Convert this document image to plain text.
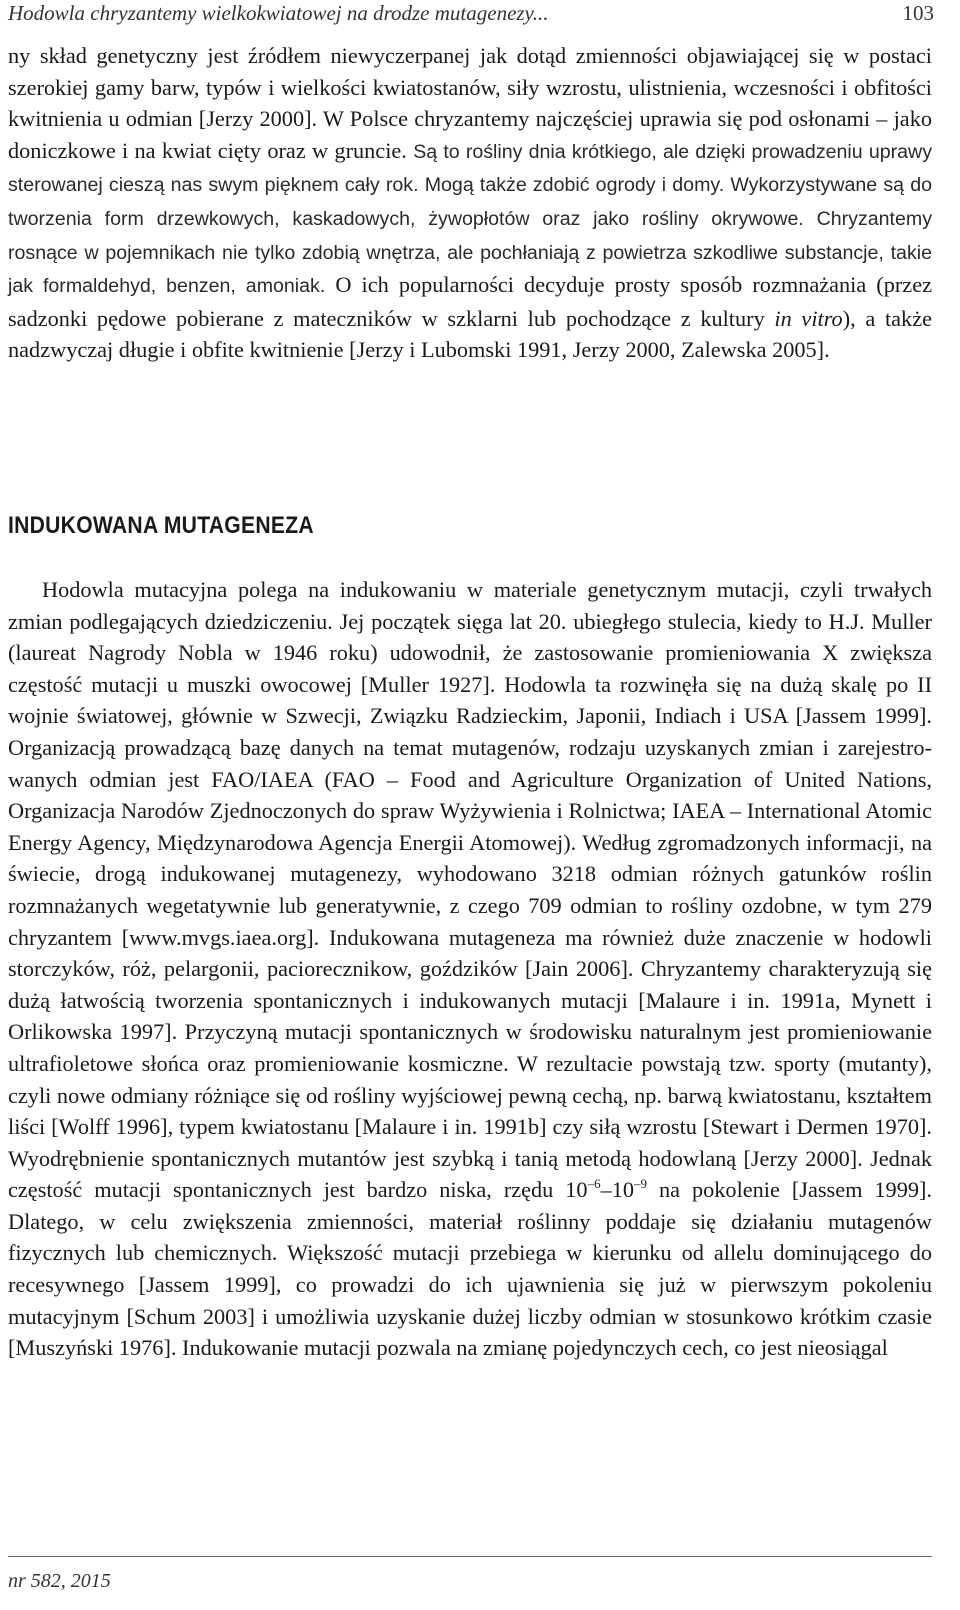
Hodowla chryzantemy wielkokwiatowej na drodze mutagenezy...	103

ny skład genetyczny jest źródłem niewyczerpanej jak dotąd zmienności objawiającej się w postaci szerokiej gamy barw, typów i wielkości kwiatostanów, siły wzrostu, ulistnienia, wczesności i obfitości kwitnienia u odmian [Jerzy 2000]. W Polsce chryzantemy najczęściej uprawia się pod osłonami – jako doniczkowe i na kwiat cięty oraz w gruncie. Są to rośliny dnia krótkiego, ale dzięki prowadzeniu uprawy sterowanej cieszą nas swym pięknem cały rok. Mogą także zdobić ogrody i domy. Wykorzystywane są do tworzenia form drzewkowych, kaskadowych, żywopłotów oraz jako rośliny okrywowe. Chryzantemy rosnące w pojemnikach nie tylko zdobią wnętrza, ale pochłaniają z powietrza szkodliwe substancje, takie jak formaldehyd, benzen, amoniak. O ich popularności decyduje prosty sposób rozmnażania (przez sadzonki pędowe pobierane z mateczników w szklarni lub pochodzące z kultury in vitro), a także nadzwyczaj długie i obfite kwitnienie [Jerzy i Lubomski 1991, Jerzy 2000, Zalewska 2005].

INDUKOWANA MUTAGENEZA

Hodowla mutacyjna polega na indukowaniu w materiale genetycznym mutacji, czyli trwałych zmian podlegających dziedziczeniu. Jej początek sięga lat 20. ubiegłego stulecia, kiedy to H.J. Muller (laureat Nagrody Nobla w 1946 roku) udowodnił, że zastosowanie promieniowania X zwiększa częstość mutacji u muszki owocowej [Muller 1927]. Hodowla ta rozwinęła się na dużą skalę po II wojnie światowej, głównie w Szwecji, Związku Radzieckim, Japonii, Indiach i USA [Jassem 1999]. Organizacją prowadzącą bazę danych na temat mutagenów, rodzaju uzyskanych zmian i zarejestrowanych odmian jest FAO/IAEA (FAO – Food and Agriculture Organization of United Nations, Organizacja Narodów Zjednoczonych do spraw Wyżywienia i Rolnictwa; IAEA – International Atomic Energy Agency, Międzynarodowa Agencja Energii Atomowej). Według zgromadzonych informacji, na świecie, drogą indukowanej mutagenezy, wyhodowano 3218 odmian różnych gatunków roślin rozmnażanych wegetatywnie lub generatywnie, z czego 709 odmian to rośliny ozdobne, w tym 279 chryzantem [www.mvgs.iaea.org]. Indukowana mutageneza ma również duże znaczenie w hodowli storczyków, róż, pelargonii, paciorecznikow, goździków [Jain 2006]. Chryzantemy charakteryzują się dużą łatwością tworzenia spontanicznych i indukowanych mutacji [Malaure i in. 1991a, Mynett i Orlikowska 1997]. Przyczyną mutacji spontanicznych w środowisku naturalnym jest promieniowanie ultrafioletowe słońca oraz promieniowanie kosmiczne. W rezultacie powstają tzw. sporty (mutanty), czyli nowe odmiany różniące się od rośliny wyjściowej pewną cechą, np. barwą kwiatostanu, kształtem liści [Wolff 1996], typem kwiatostanu [Malaure i in. 1991b] czy siłą wzrostu [Stewart i Dermen 1970]. Wyodrębnienie spontanicznych mutantów jest szybką i tanią metodą hodowlaną [Jerzy 2000]. Jednak częstość mutacji spontanicznych jest bardzo niska, rzędu $10^{-6}-10^{-9}$ na pokolenie [Jassem 1999]. Dlatego, w celu zwiększenia zmienności, materiał roślinny poddaje się działaniu mutagenów fizycznych lub chemicznych. Większość mutacji przebiega w kierunku od allelu dominującego do recesywnego [Jassem 1999], co prowadzi do ich ujawnienia się już w pierwszym pokoleniu mutacyjnym [Schum 2003] i umożliwia uzyskanie dużej liczby odmian w stosunkowo krótkim czasie [Muszyński 1976]. Indukowanie mutacji pozwala na zmianę pojedynczych cech, co jest nieosiągal

nr 582, 2015
